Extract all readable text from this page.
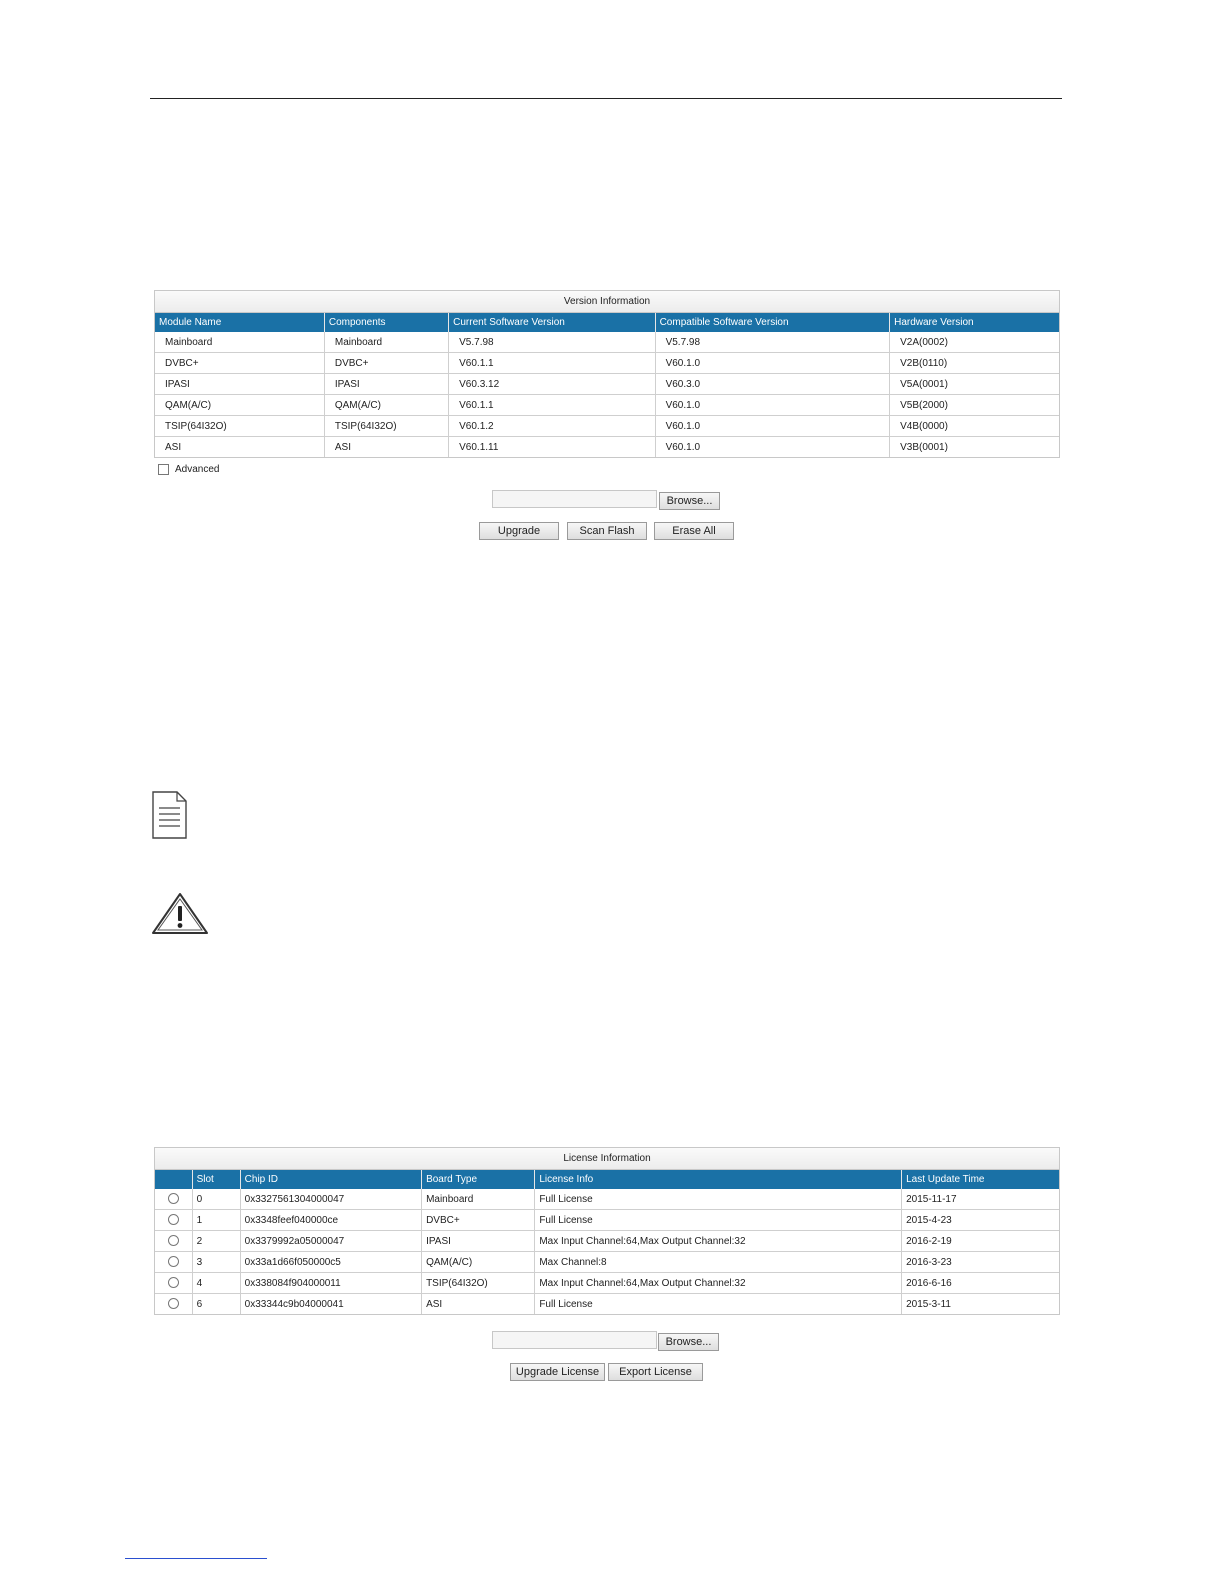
Version Information
Module Name	Components	Current Software Version	Compatible Software Version	Hardware Version
Mainboard	Mainboard	V5.7.98	V5.7.98	V2A(0002)
DVBC+	DVBC+	V60.1.1	V60.1.0	V2B(0110)
IPASI	IPASI	V60.3.12	V60.3.0	V5A(0001)
QAM(A/C)	QAM(A/C)	V60.1.1	V60.1.0	V5B(2000)
TSIP(64I32O)	TSIP(64I32O)	V60.1.2	V60.1.0	V4B(0000)
ASI	ASI	V60.1.11	V60.1.0	V3B(0001)
Advanced
Browse...
Upgrade	Scan Flash	Erase All
License Information
	Slot	Chip ID	Board Type	License Info	Last Update Time
	0	0x3327561304000047	Mainboard	Full License	2015-11-17
	1	0x3348feef040000ce	DVBC+	Full License	2015-4-23
	2	0x3379992a05000047	IPASI	Max Input Channel:64,Max Output Channel:32	2016-2-19
	3	0x33a1d66f050000c5	QAM(A/C)	Max Channel:8	2016-3-23
	4	0x338084f904000011	TSIP(64I32O)	Max Input Channel:64,Max Output Channel:32	2016-6-16
	6	0x33344c9b04000041	ASI	Full License	2015-3-11
Browse...
Upgrade License	Export License
